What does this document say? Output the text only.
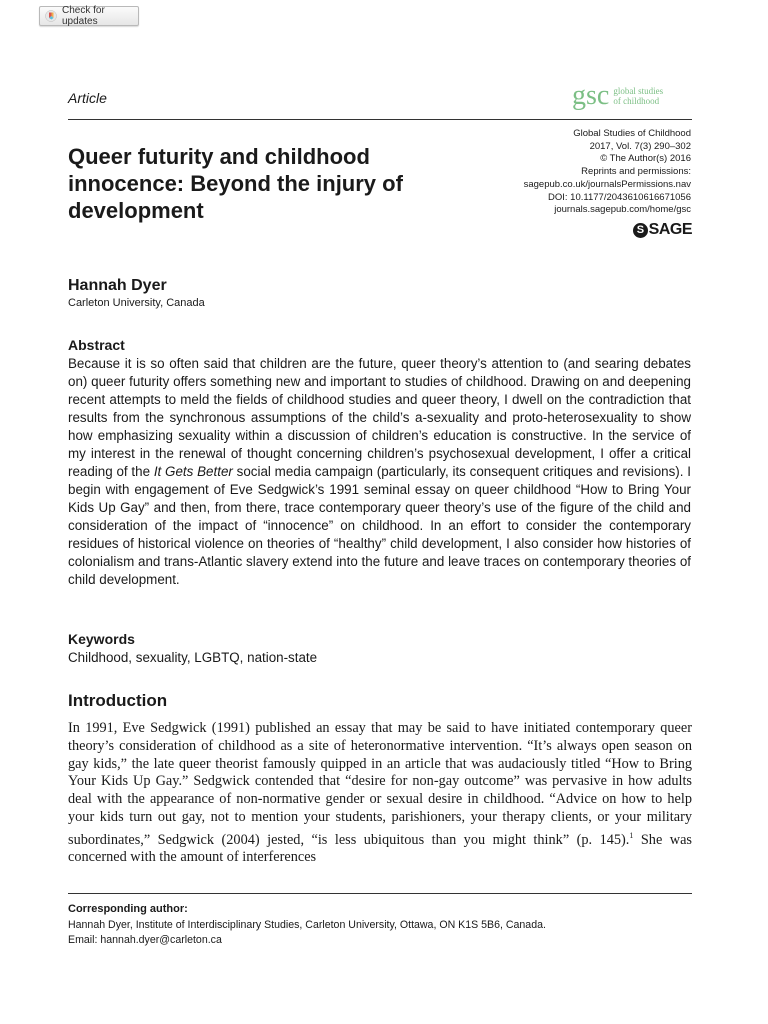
Check for updates
Article	gsc global studies
of childhood
Queer futurity and childhood innocence: Beyond the injury of development
Global Studies of Childhood
2017, Vol. 7(3) 290–302
© The Author(s) 2016
Reprints and permissions:
sagepub.co.uk/journalsPermissions.nav
DOI: 10.1177/2043610616671056
journals.sagepub.com/home/gsc
S SAGE
Hannah Dyer
Carleton University, Canada
Abstract

Because it is so often said that children are the future, queer theory’s attention to (and searing debates on) queer futurity offers something new and important to studies of childhood. Drawing on and deepening recent attempts to meld the fields of childhood studies and queer theory, I dwell on the contradiction that results from the synchronous assumptions of the child’s a-sexuality and proto-heterosexuality to show how emphasizing sexuality within a discussion of children’s education is constructive. In the service of my interest in the renewal of thought concerning children’s psychosexual development, I offer a critical reading of the It Gets Better social media campaign (particularly, its consequent critiques and revisions). I begin with engagement of Eve Sedgwick’s 1991 seminal essay on queer childhood “How to Bring Your Kids Up Gay” and then, from there, trace contemporary queer theory’s use of the figure of the child and consideration of the impact of “innocence” on childhood. In an effort to consider the contemporary residues of historical violence on theories of “healthy” child development, I also consider how histories of colonialism and trans-Atlantic slavery extend into the future and leave traces on contemporary theories of child development.

Keywords
Childhood, sexuality, LGBTQ, nation-state
Introduction

In 1991, Eve Sedgwick (1991) published an essay that may be said to have initiated contemporary queer theory’s consideration of childhood as a site of heteronormative intervention. “It’s always open season on gay kids,” the late queer theorist famously quipped in an article that was audaciously titled “How to Bring Your Kids Up Gay.” Sedgwick contended that “desire for non-gay outcome” was pervasive in how adults deal with the appearance of non-normative gender or sexual desire in childhood. “Advice on how to help your kids turn out gay, not to mention your students, parishioners, your therapy clients, or your military subordinates,” Sedgwick (2004) jested, “is less ubiquitous than you might think” (p. 145).$^1$ She was concerned with the amount of interferences

Corresponding author:
Hannah Dyer, Institute of Interdisciplinary Studies, Carleton University, Ottawa, ON K1S 5B6, Canada.
Email: hannah.dyer@carleton.ca
